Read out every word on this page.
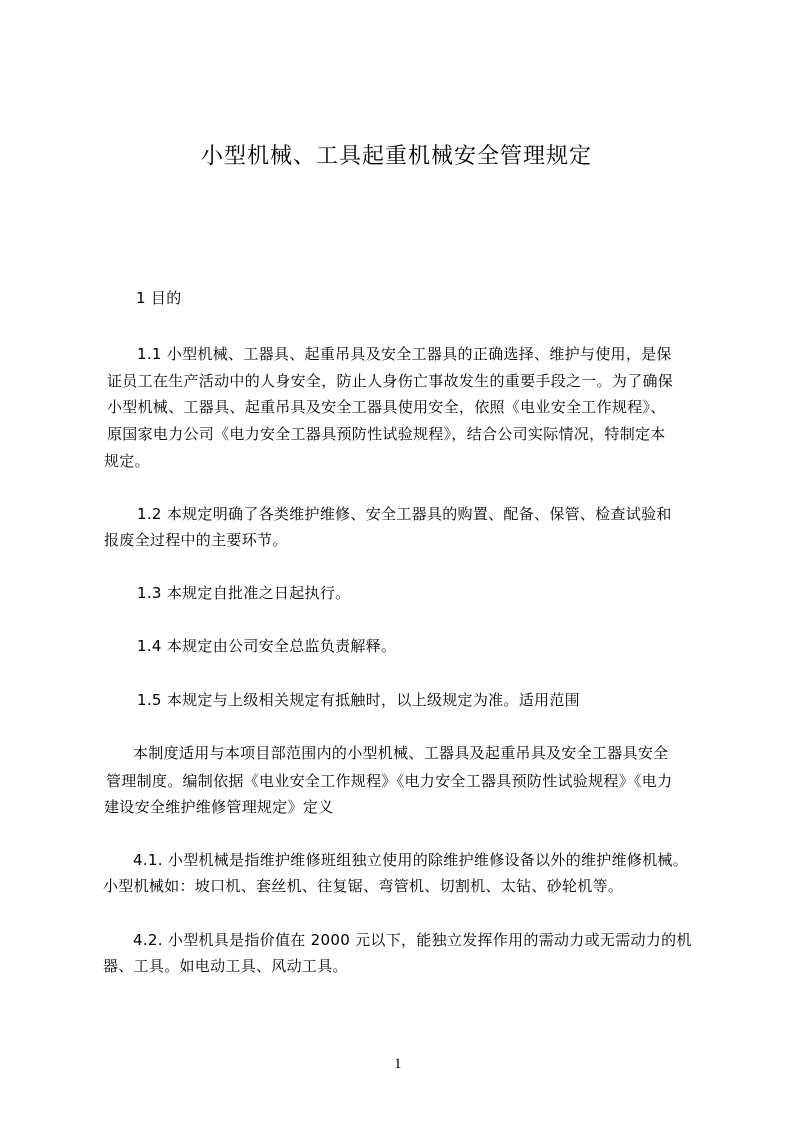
小型机械、工具起重机械安全管理规定
1 目的
1.1 小型机械、工器具、起重吊具及安全工器具的正确选择、维护与使用，是保
证员工在生产活动中的人身安全，防止人身伤亡事故发生的重要手段之一。为了确保
小型机械、工器具、起重吊具及安全工器具使用安全，依照《电业安全工作规程》、
原国家电力公司《电力安全工器具预防性试验规程》，结合公司实际情况，特制定本
规定。
1.2 本规定明确了各类维护维修、安全工器具的购置、配备、保管、检查试验和
报废全过程中的主要环节。
1.3 本规定自批准之日起执行。
1.4 本规定由公司安全总监负责解释。
1.5 本规定与上级相关规定有抵触时，以上级规定为准。适用范围
本制度适用与本项目部范围内的小型机械、工器具及起重吊具及安全工器具安全
管理制度。编制依据《电业安全工作规程》《电力安全工器具预防性试验规程》《电力
建设安全维护维修管理规定》定义
4.1. 小型机械是指维护维修班组独立使用的除维护维修设备以外的维护维修机械。
小型机械如：坡口机、套丝机、往复锯、弯管机、切割机、太钻、砂轮机等。
4.2. 小型机具是指价值在 2000 元以下，能独立发挥作用的需动力或无需动力的机
器、工具。如电动工具、风动工具。
1
